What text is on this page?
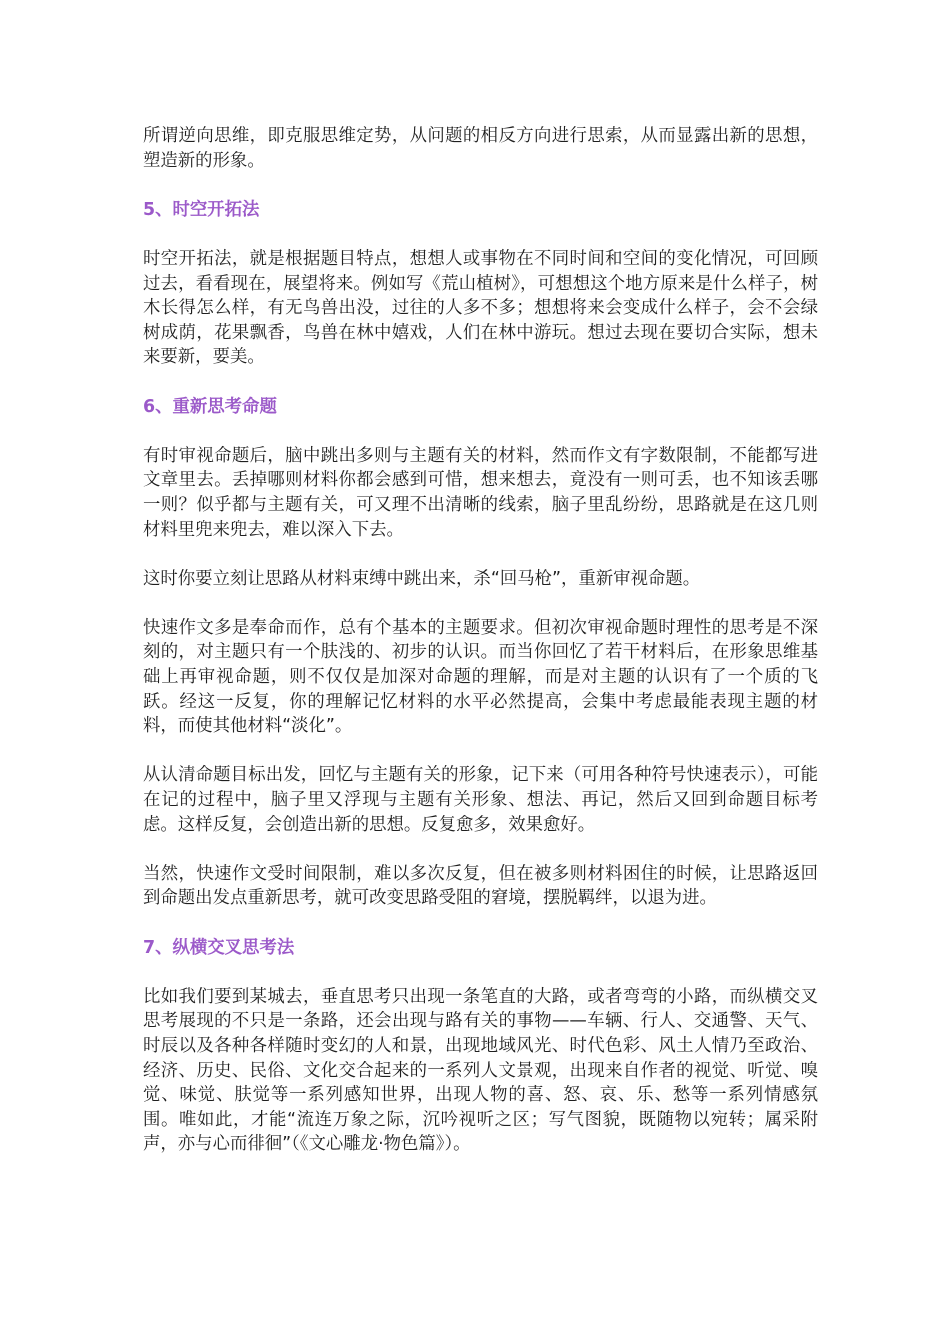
所谓逆向思维，即克服思维定势，从问题的相反方向进行思索，从而显露出新的思想，塑造新的形象。

5、时空开拓法

时空开拓法，就是根据题目特点，想想人或事物在不同时间和空间的变化情况，可回顾过去，看看现在，展望将来。例如写《荒山植树》，可想想这个地方原来是什么样子，树木长得怎么样，有无鸟兽出没，过往的人多不多；想想将来会变成什么样子，会不会绿树成荫，花果飘香，鸟兽在林中嬉戏，人们在林中游玩。想过去现在要切合实际，想未来要新，要美。

6、重新思考命题

有时审视命题后，脑中跳出多则与主题有关的材料，然而作文有字数限制，不能都写进文章里去。丢掉哪则材料你都会感到可惜，想来想去，竟没有一则可丢，也不知该丢哪一则？似乎都与主题有关，可又理不出清晰的线索，脑子里乱纷纷，思路就是在这几则材料里兜来兜去，难以深入下去。

这时你要立刻让思路从材料束缚中跳出来，杀“回马枪”，重新审视命题。

快速作文多是奉命而作，总有个基本的主题要求。但初次审视命题时理性的思考是不深刻的，对主题只有一个肤浅的、初步的认识。而当你回忆了若干材料后，在形象思维基础上再审视命题，则不仅仅是加深对命题的理解，而是对主题的认识有了一个质的飞跃。经这一反复，你的理解记忆材料的水平必然提高，会集中考虑最能表现主题的材料，而使其他材料“淡化”。

从认清命题目标出发，回忆与主题有关的形象，记下来（可用各种符号快速表示），可能在记的过程中，脑子里又浮现与主题有关形象、想法、再记，然后又回到命题目标考虑。这样反复，会创造出新的思想。反复愈多，效果愈好。

当然，快速作文受时间限制，难以多次反复，但在被多则材料困住的时候，让思路返回到命题出发点重新思考，就可改变思路受阻的窘境，摆脱羁绊，以退为进。

7、纵横交叉思考法

比如我们要到某城去，垂直思考只出现一条笔直的大路，或者弯弯的小路，而纵横交叉思考展现的不只是一条路，还会出现与路有关的事物——车辆、行人、交通警、天气、时辰以及各种各样随时变幻的人和景，出现地域风光、时代色彩、风土人情乃至政治、经济、历史、民俗、文化交合起来的一系列人文景观，出现来自作者的视觉、听觉、嗅觉、味觉、肤觉等一系列感知世界，出现人物的喜、怒、哀、乐、愁等一系列情感氛围。唯如此，才能“流连万象之际，沉吟视听之区；写气图貌，既随物以宛转；属采附声，亦与心而徘徊”（《文心雕龙·物色篇》）。
